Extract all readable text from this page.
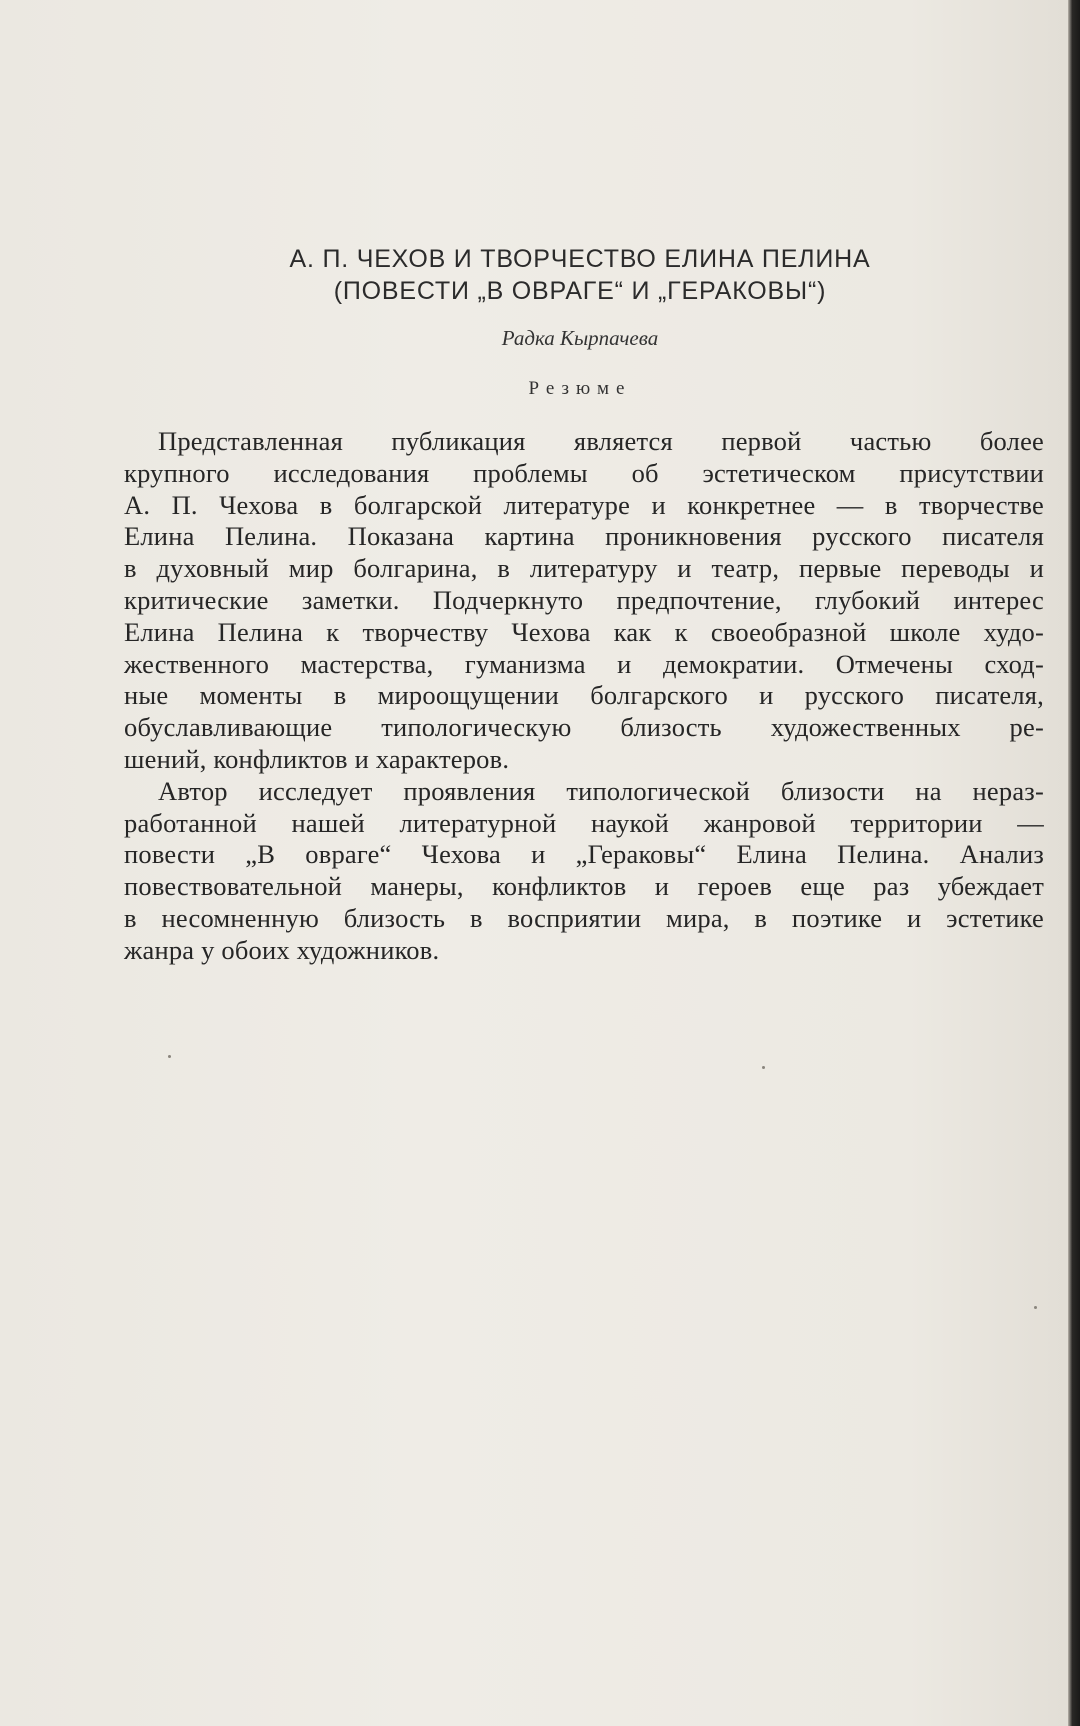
А. П. ЧЕХОВ И ТВОРЧЕСТВО ЕЛИНА ПЕЛИНА
(ПОВЕСТИ „В ОВРАГЕ“ И „ГЕРАКОВЫ“)
Радка Кырпачева
Резюме
Представленная публикация является первой частью более
крупного исследования проблемы об эстетическом присутствии
А. П. Чехова в болгарской литературе и конкретнее — в творчестве
Елина Пелина. Показана картина проникновения русского писателя
в духовный мир болгарина, в литературу и театр, первые переводы и
критические заметки. Подчеркнуто предпочтение, глубокий интерес
Елина Пелина к творчеству Чехова как к своеобразной школе худо-
жественного мастерства, гуманизма и демократии. Отмечены сход-
ные моменты в мироощущении болгарского и русского писателя,
обуславливающие типологическую близость художественных ре-
шений, конфликтов и характеров.
Автор исследует проявления типологической близости на нераз-
работанной нашей литературной наукой жанровой территории —
повести „В овраге“ Чехова и „Гераковы“ Елина Пелина. Анализ
повествовательной манеры, конфликтов и героев еще раз убеждает
в несомненную близость в восприятии мира, в поэтике и эстетике
жанра у обоих художников.
